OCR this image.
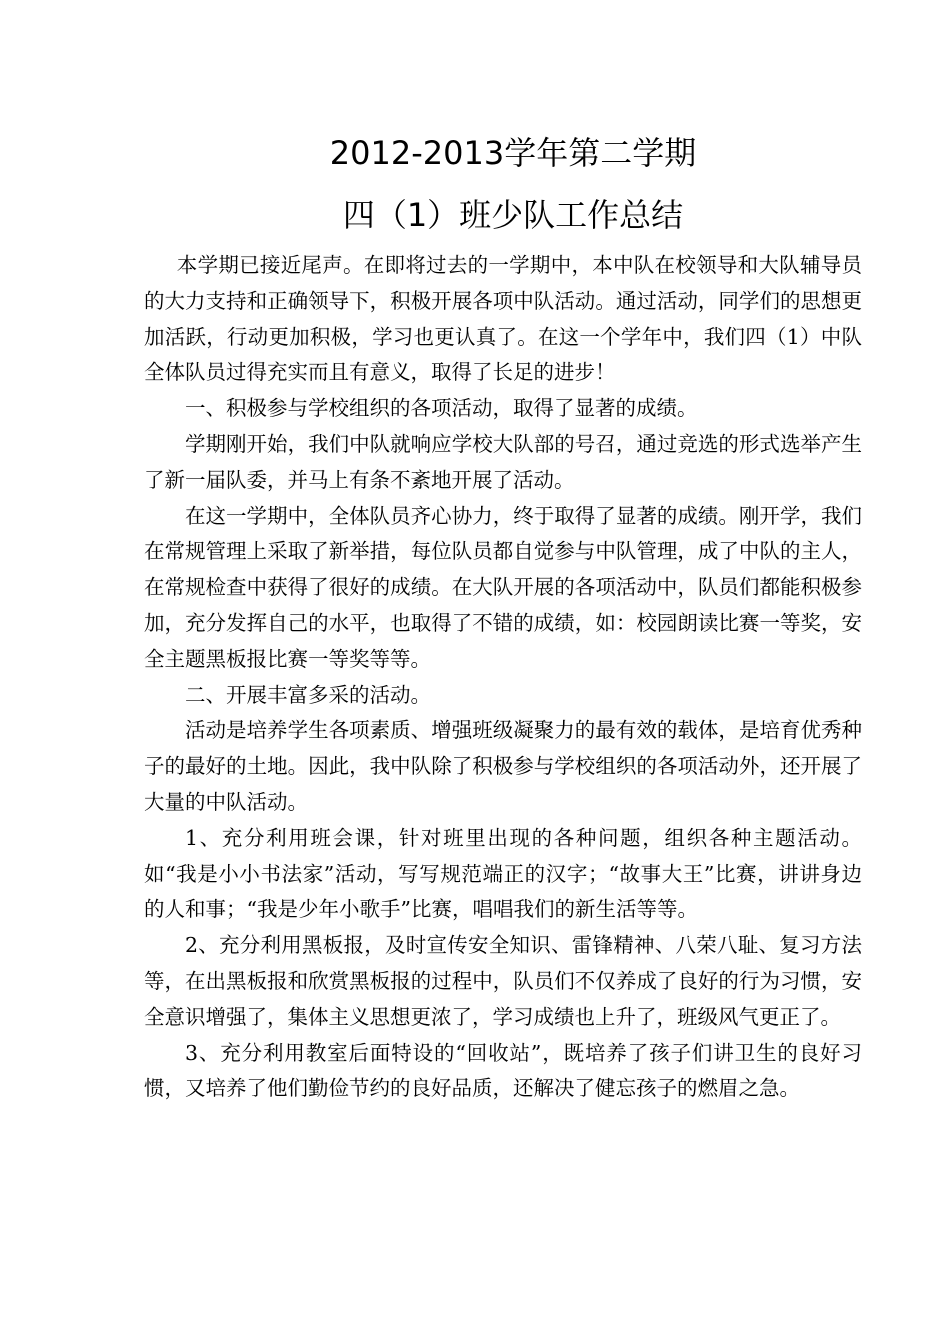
2012-2013学年第二学期
四（1）班少队工作总结

本学期已接近尾声。在即将过去的一学期中，本中队在校领导和大队辅导员的大力支持和正确领导下，积极开展各项中队活动。通过活动，同学们的思想更加活跃，行动更加积极，学习也更认真了。在这一个学年中，我们四（1）中队全体队员过得充实而且有意义，取得了长足的进步！

一、积极参与学校组织的各项活动，取得了显著的成绩。

学期刚开始，我们中队就响应学校大队部的号召，通过竞选的形式选举产生了新一届队委，并马上有条不紊地开展了活动。

在这一学期中，全体队员齐心协力，终于取得了显著的成绩。刚开学，我们在常规管理上采取了新举措，每位队员都自觉参与中队管理，成了中队的主人，在常规检查中获得了很好的成绩。在大队开展的各项活动中，队员们都能积极参加，充分发挥自己的水平，也取得了不错的成绩，如：校园朗读比赛一等奖，安全主题黑板报比赛一等奖等等。

二、开展丰富多采的活动。

活动是培养学生各项素质、增强班级凝聚力的最有效的载体，是培育优秀种子的最好的土地。因此，我中队除了积极参与学校组织的各项活动外，还开展了大量的中队活动。

1、充分利用班会课，针对班里出现的各种问题，组织各种主题活动。如“我是小小书法家”活动，写写规范端正的汉字；“故事大王”比赛，讲讲身边的人和事；“我是少年小歌手”比赛，唱唱我们的新生活等等。

2、充分利用黑板报，及时宣传安全知识、雷锋精神、八荣八耻、复习方法等，在出黑板报和欣赏黑板报的过程中，队员们不仅养成了良好的行为习惯，安全意识增强了，集体主义思想更浓了，学习成绩也上升了，班级风气更正了。

3、充分利用教室后面特设的“回收站”，既培养了孩子们讲卫生的良好习惯，又培养了他们勤俭节约的良好品质，还解决了健忘孩子的燃眉之急。
